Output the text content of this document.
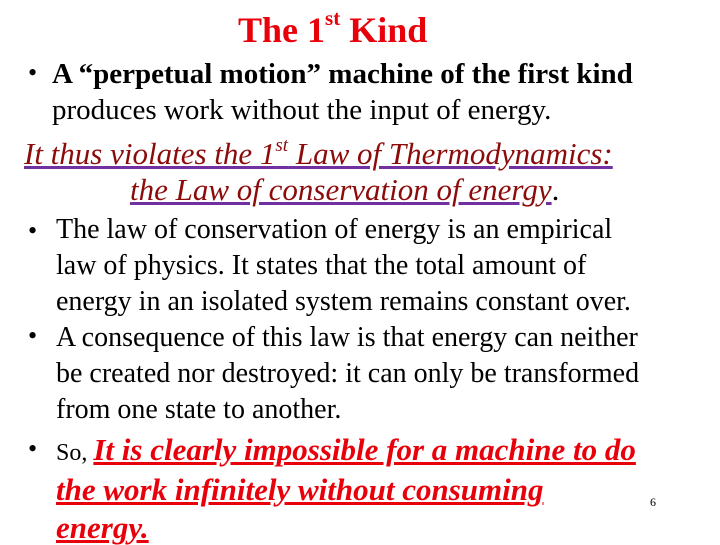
The 1st Kind
• A “perpetual motion” machine of the first kind
produces work without the input of energy.
It thus violates the 1st Law of Thermodynamics:
the Law of conservation of energy.
• The law of conservation of energy is an empirical
law of physics. It states that the total amount of
energy in an isolated system remains constant over.
• A consequence of this law is that energy can neither
be created nor destroyed: it can only be transformed
from one state to another.
• So, It is clearly impossible for a machine to do
the work infinitely without consuming
energy.
6
